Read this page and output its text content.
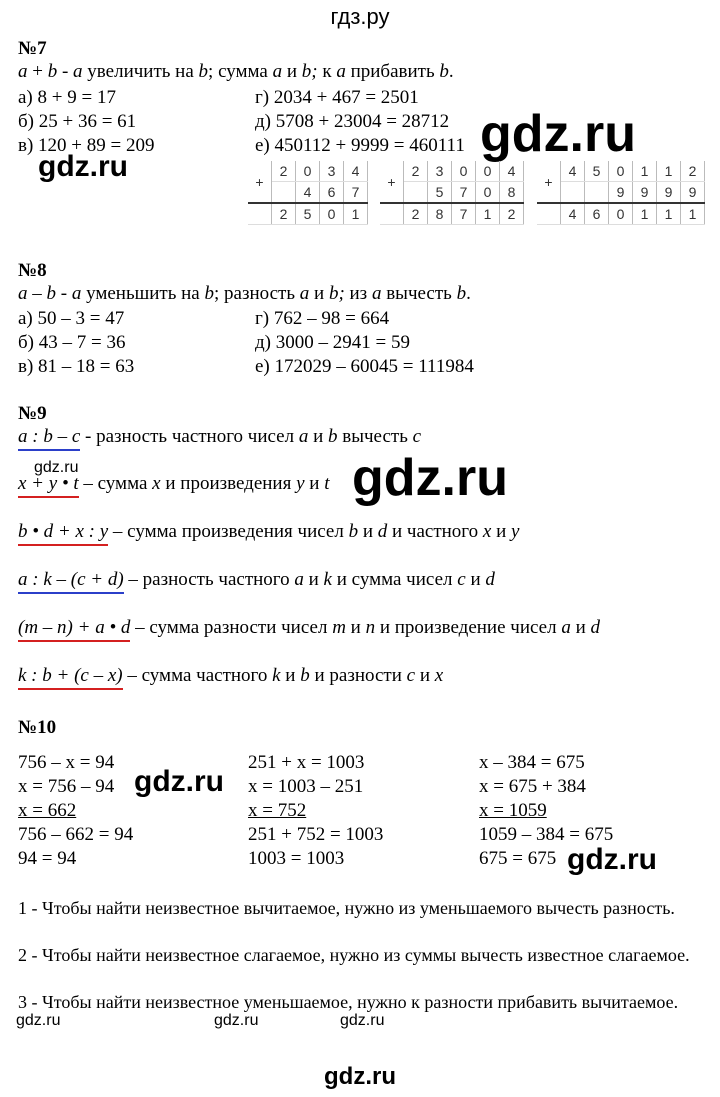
гдз.ру
gdz.ru
gdz.ru
gdz.ru
gdz.ru
gdz.ru
gdz.ru
gdz.ru	gdz.ru	gdz.ru
gdz.ru
№7
a + b - a увеличить на b; сумма a и b; к a прибавить b.
а) 8 + 9 = 17
б) 25 + 36 = 61
в) 120 + 89 = 209
г) 2034 + 467 = 2501
д) 5708 + 23004 = 28712
е) 450112 + 9999 = 460111
+	2	0	3	4
		4	6	7
	2	5	0	1
+	2	3	0	0	4
		5	7	0	8
	2	8	7	1	2
+	4	5	0	1	1	2
			9	9	9	9
	4	6	0	1	1	1
№8
a – b - a уменьшить на b; разность a и b; из a вычесть b.
а) 50 – 3 = 47
б) 43 – 7 = 36
в) 81 – 18 = 63
г) 762 – 98 = 664
д) 3000 – 2941 = 59
е) 172029 – 60045 = 111984
№9
a : b – c - разность частного чисел a и b вычесть c
x + y • t – сумма x и произведения y и t
b • d + x : y – сумма произведения чисел b и d и частного x и y
a : k – (c + d) – разность частного a и k и сумма чисел c и d
(m – n) + a • d – сумма разности чисел m и n и произведение чисел a и d
k : b + (c – x) – сумма частного k и b и разности c и x
№10
756 – x = 94
x = 756 – 94
x = 662
756 – 662 = 94
94 = 94
251 + x = 1003
x = 1003 – 251
x = 752
251 + 752 = 1003
1003 = 1003
x – 384 = 675
x = 675 + 384
x = 1059
1059 – 384 = 675
675 = 675
1 - Чтобы найти неизвестное вычитаемое, нужно из уменьшаемого вычесть разность.
2 - Чтобы найти неизвестное слагаемое, нужно из суммы вычесть известное слагаемое.
3 - Чтобы найти неизвестное уменьшаемое, нужно к разности прибавить вычитаемое.
